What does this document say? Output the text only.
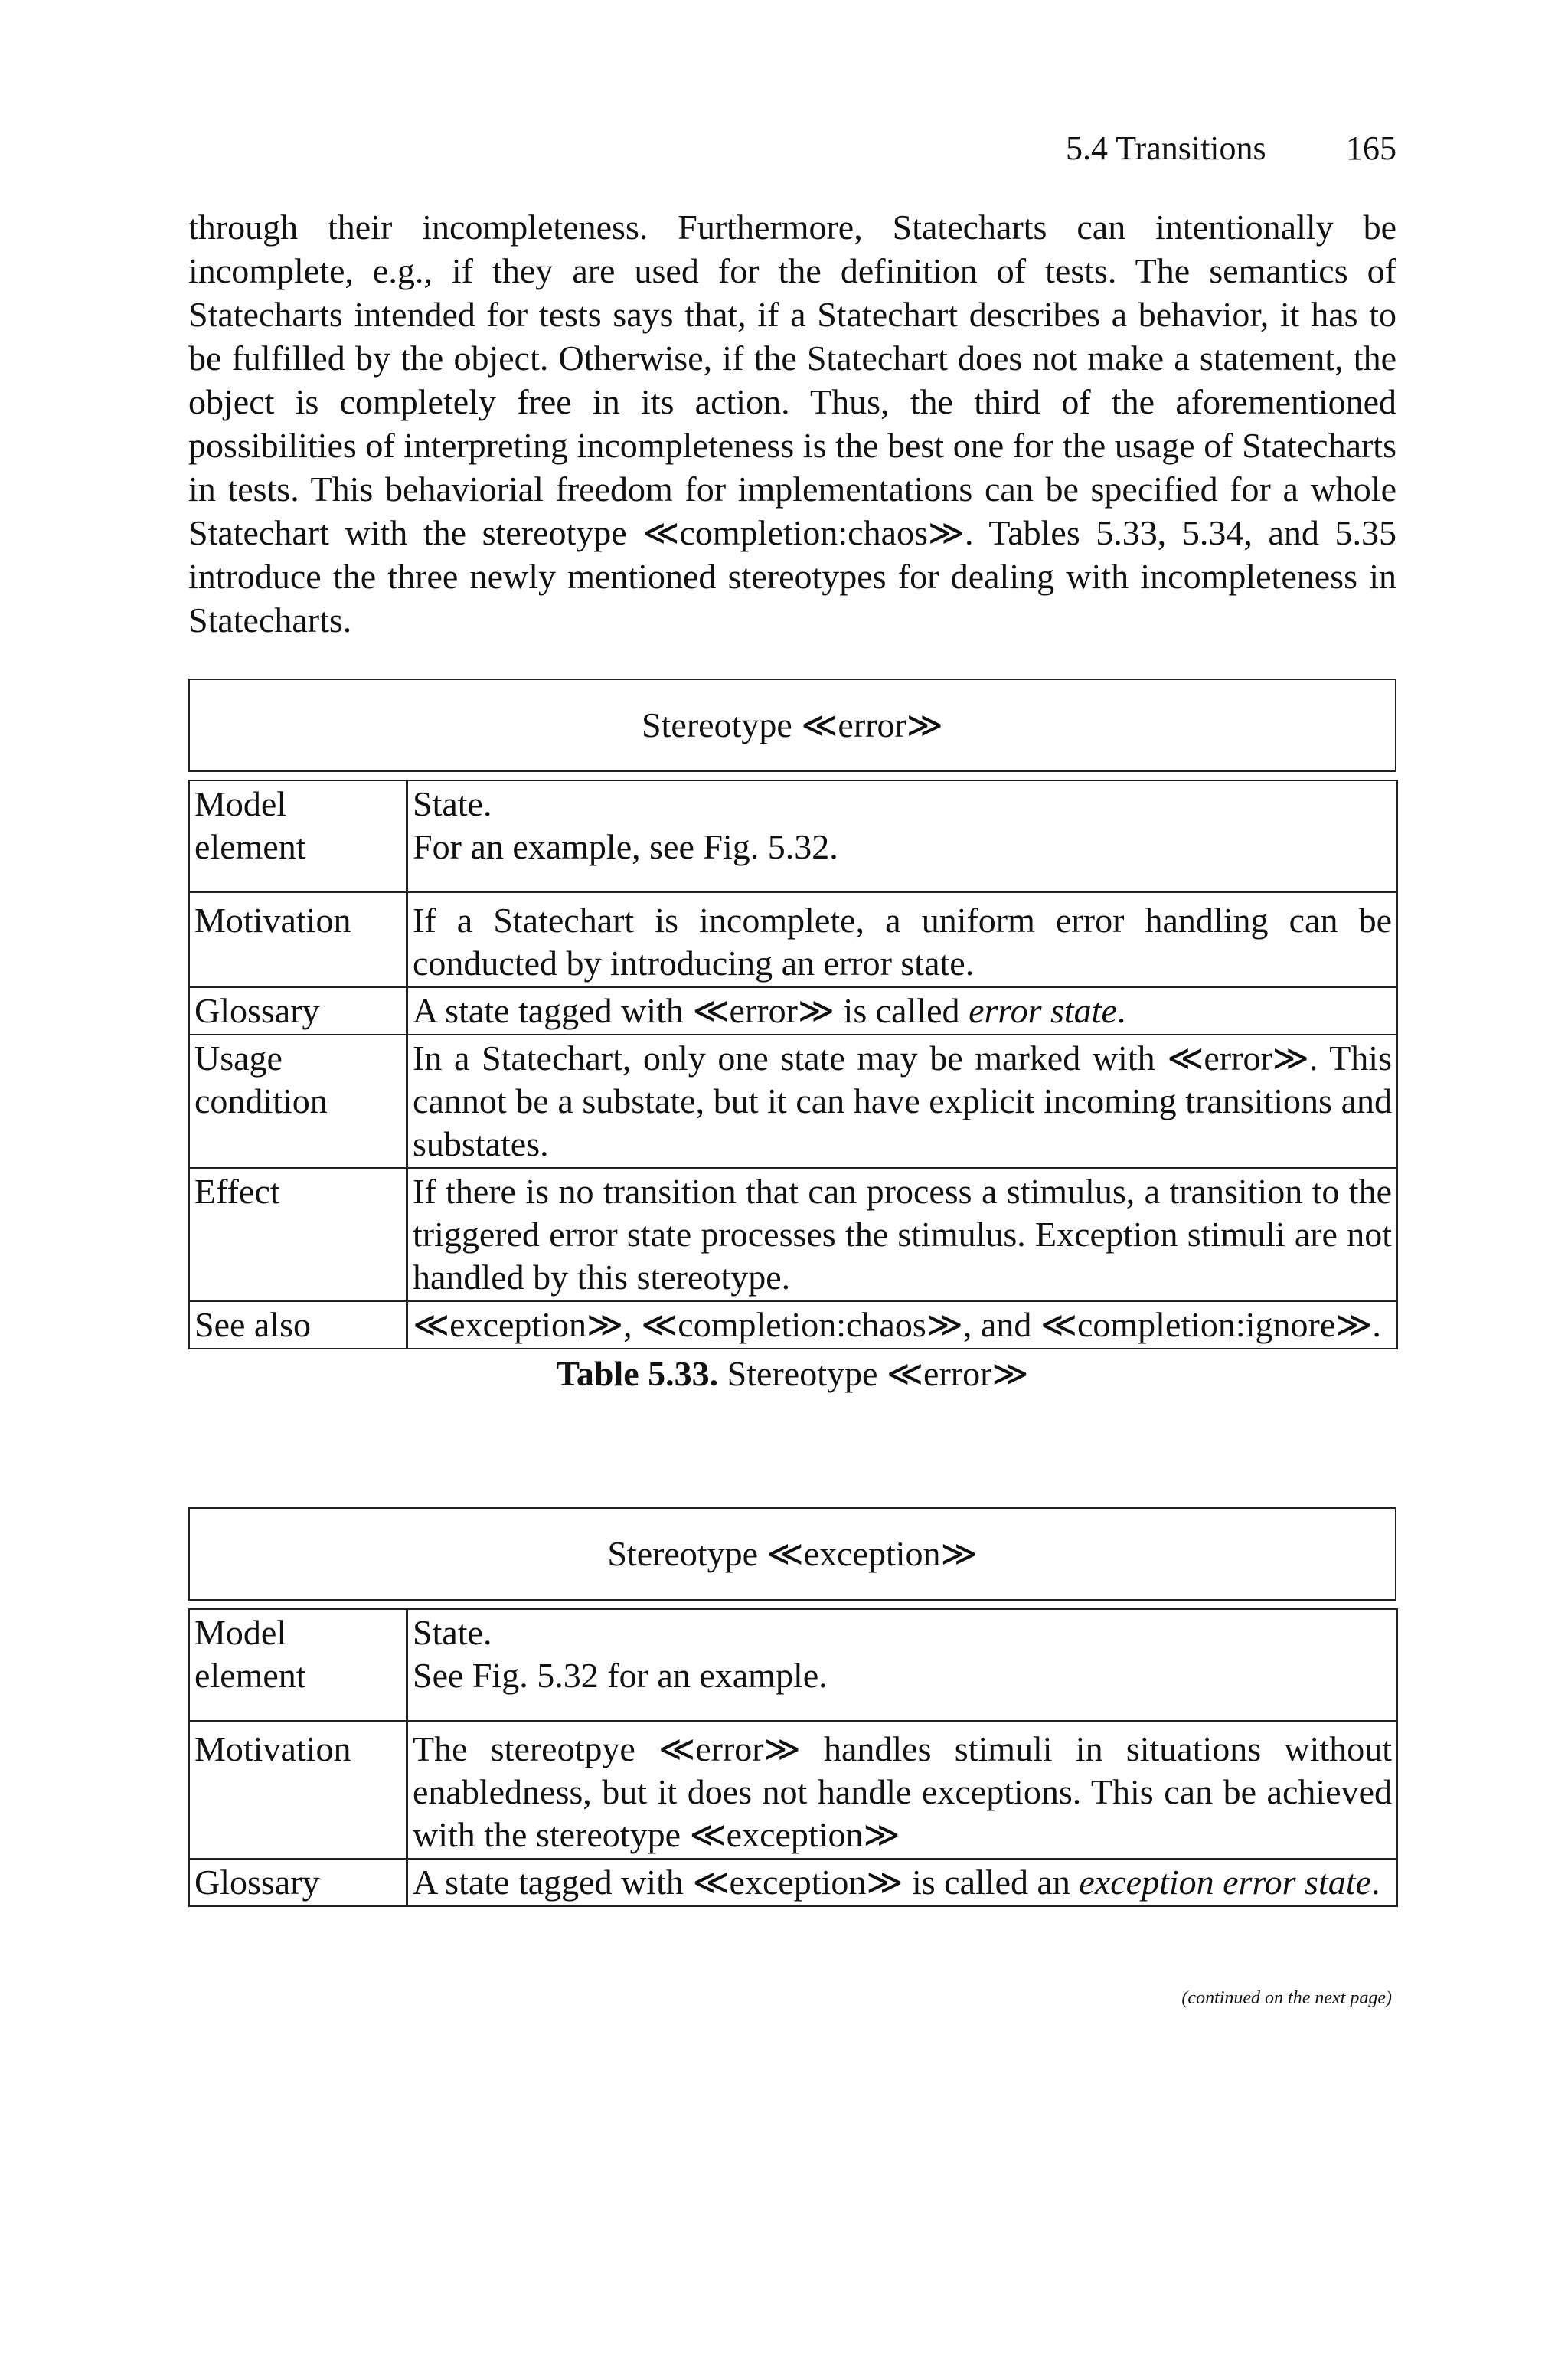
5.4 Transitions 165

through their incompleteness. Furthermore, Statecharts can intentionally be incomplete, e.g., if they are used for the definition of tests. The semantics of Statecharts intended for tests says that, if a Statechart describes a behavior, it has to be fulfilled by the object. Otherwise, if the Statechart does not make a statement, the object is completely free in its action. Thus, the third of the aforementioned possibilities of interpreting incompleteness is the best one for the usage of Statecharts in tests. This behaviorial freedom for implementations can be specified for a whole Statechart with the stereotype ≪completion:chaos≫. Tables 5.33, 5.34, and 5.35 introduce the three newly mentioned stereotypes for dealing with incompleteness in Statecharts.

Stereotype ≪error≫
Model element	State.
For an example, see Fig. 5.32.

Motivation	If a Statechart is incomplete, a uniform error handling can be conducted by introducing an error state.
Glossary	A state tagged with ≪error≫ is called error state.
Usage condition	In a Statechart, only one state may be marked with ≪error≫. This cannot be a substate, but it can have explicit incoming transitions and substates.
Effect	If there is no transition that can process a stimulus, a transition to the triggered error state processes the stimulus. Exception stimuli are not handled by this stereotype.
See also	≪exception≫, ≪completion:chaos≫, and ≪completion:ignore≫.
Table 5.33. Stereotype ≪error≫
Stereotype ≪exception≫
Model element	State.
See Fig. 5.32 for an example.

Motivation	The stereotpye ≪error≫ handles stimuli in situations without enabledness, but it does not handle exceptions. This can be achieved with the stereotype ≪exception≫
Glossary	A state tagged with ≪exception≫ is called an exception error state.
(continued on the next page)
